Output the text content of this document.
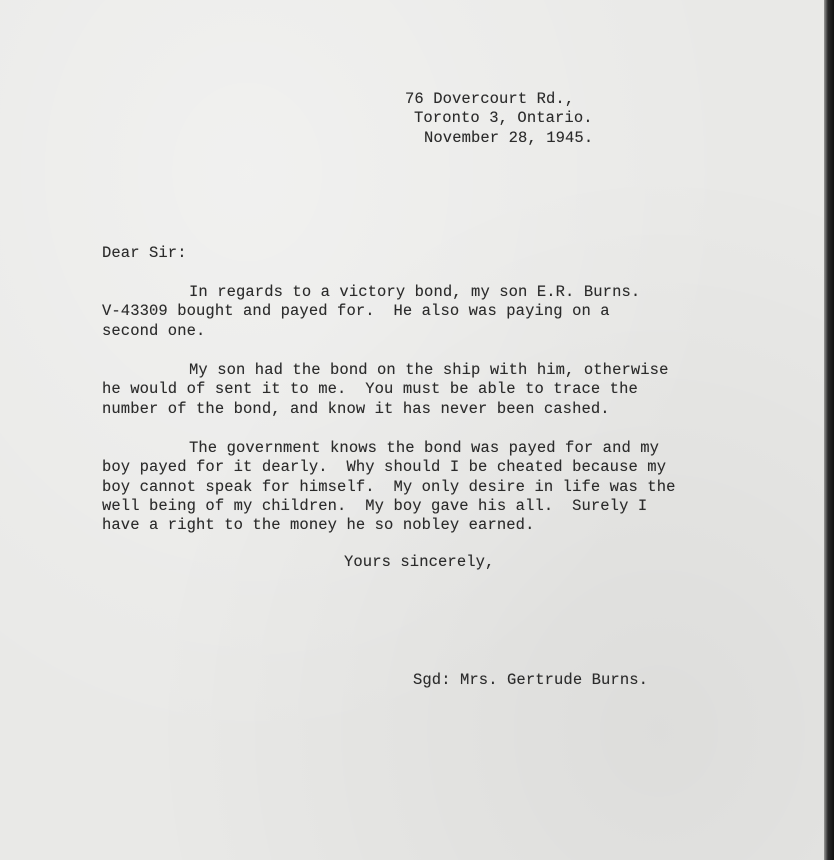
76 Dovercourt Rd.,
Toronto 3, Ontario.
November 28, 1945.
Dear Sir:
In regards to a victory bond, my son E.R. Burns.
V-43309 bought and payed for.  He also was paying on a
second one.
My son had the bond on the ship with him, otherwise
he would of sent it to me.  You must be able to trace the
number of the bond, and know it has never been cashed.
The government knows the bond was payed for and my
boy payed for it dearly.  Why should I be cheated because my
boy cannot speak for himself.  My only desire in life was the
well being of my children.  My boy gave his all.  Surely I
have a right to the money he so nobley earned.
Yours sincerely,
Sgd: Mrs. Gertrude Burns.
